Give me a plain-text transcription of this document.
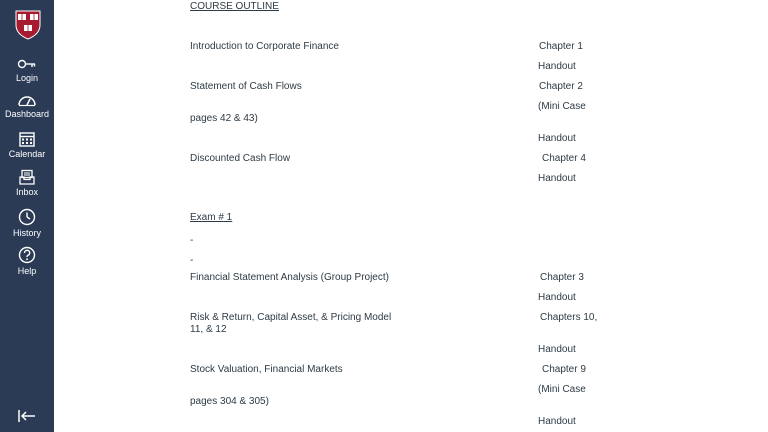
Login
Dashboard
Calendar
Inbox
History
Help
COURSE OUTLINE
Introduction to Corporate Finance	Chapter 1
Handout
Statement of Cash Flows	Chapter 2
(Mini Case
pages 42 & 43)
Handout
Discounted Cash Flow	Chapter 4
Handout
Exam # 1
-
-
Financial Statement Analysis (Group Project)	Chapter 3
Handout
Risk & Return, Capital Asset, & Pricing Model	Chapters 10,
11, & 12
Handout
Stock Valuation, Financial Markets	Chapter 9
(Mini Case
pages 304 & 305)
Handout
